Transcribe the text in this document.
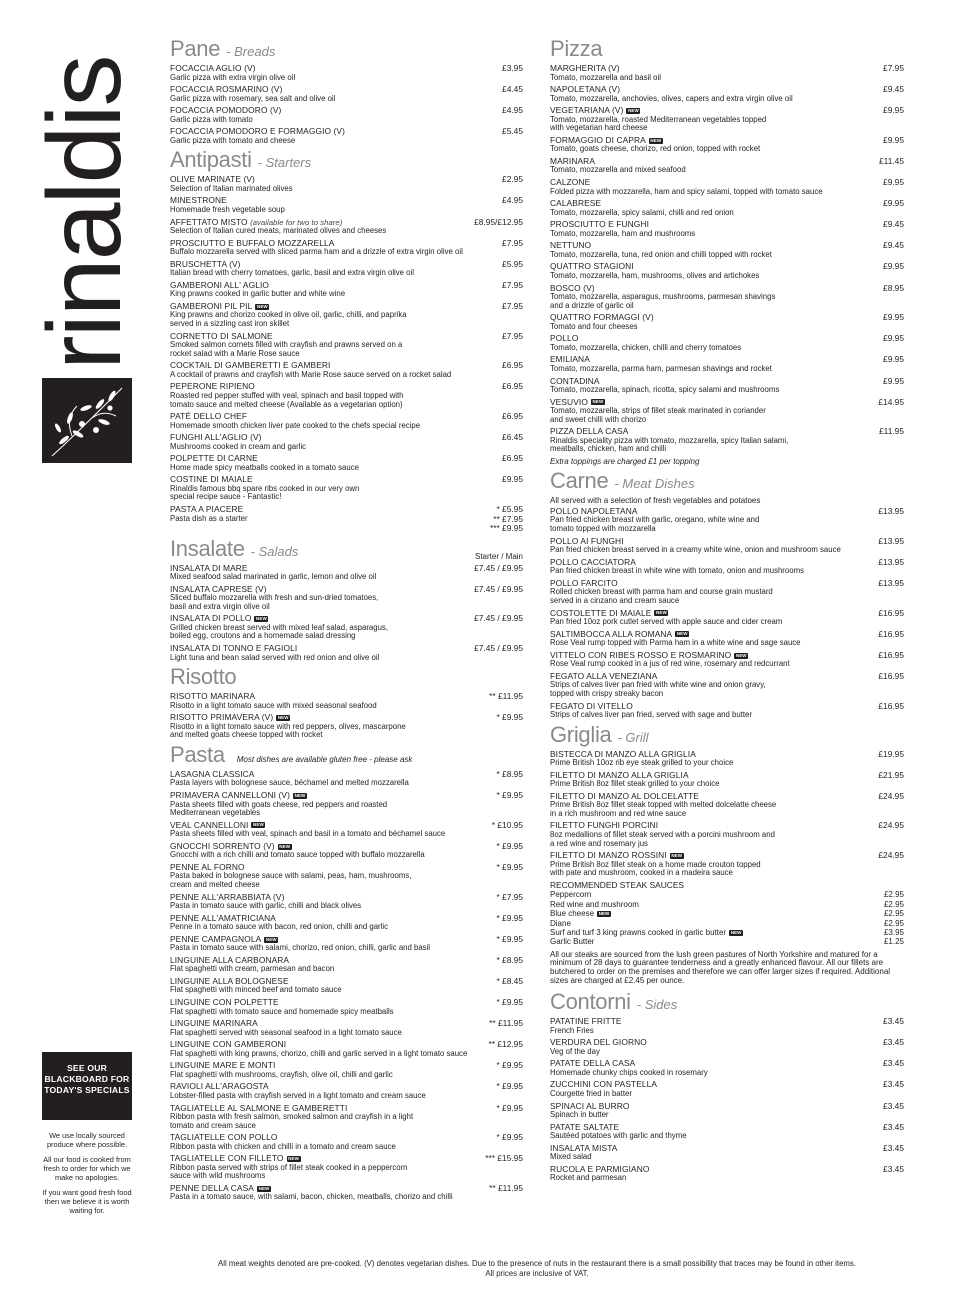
rinaldis
SEE OUR BLACKBOARD FOR TODAY'S SPECIALS

We use locally sourced produce where possible.

All our food is cooked from fresh to order for which we make no apologies.

If you want good fresh food then we believe it is worth waiting for.

Pane - Breads
FOCACCIA AGLIO (V)
Garlic pizza with extra virgin olive oil
£3.95
FOCACCIA ROSMARINO (V)
Garlic pizza with rosemary, sea salt and olive oil
£4.45
FOCACCIA POMODORO (V)
Garlic pizza with tomato
£4.95
FOCACCIA POMODORO E FORMAGGIO (V)
Garlic pizza with tomato and cheese
£5.45
Antipasti - Starters
OLIVE MARINATE (V)
Selection of Italian marinated olives
£2.95
MINESTRONE
Homemade fresh vegetable soup
£4.95
AFFETTATO MISTO (available for two to share)
Selection of Italian cured meats, marinated olives and cheeses
£8.95/£12.95
PROSCIUTTO E BUFFALO MOZZARELLA
Buffalo mozzarella served with sliced parma ham and a drizzle of extra virgin olive oil
£7.95
BRUSCHETTA (V)
Italian bread with cherry tomatoes, garlic, basil and extra virgin olive oil
£5.95
GAMBERONI ALL' AGLIO
King prawns cooked in garlic butter and white wine
£7.95
GAMBERONI PIL PIL NEW
King prawns and chorizo cooked in olive oil, garlic, chilli, and paprika
served in a sizzling cast iron skillet
£7.95
CORNETTO DI SALMONE
Smoked salmon cornets filled with crayfish and prawns served on a
rocket salad with a Marie Rose sauce
£7.95
COCKTAIL DI GAMBERETTI E GAMBERI
A cocktail of prawns and crayfish with Marie Rose sauce served on a rocket salad
£6.95
PEPERONE RIPIENO
Roasted red pepper stuffed with veal, spinach and basil topped with
tomato sauce and melted cheese (Available as a vegetarian option)
£6.95
PATÉ DELLO CHEF
Homemade smooth chicken liver pate cooked to the chefs special recipe
£6.95
FUNGHI ALL'AGLIO (V)
Mushrooms cooked in cream and garlic
£6.45
POLPETTE DI CARNE
Home made spicy meatballs cooked in a tomato sauce
£6.95
COSTINE DI MAIALE
Rinaldis famous bbq spare ribs cooked in our very own
special recipe sauce - Fantastic!
£9.95
PASTA A PIACERE
Pasta dish as a starter
* £5.95
** £7.95
*** £9.95
Insalate - Salads	Starter / Main
INSALATA DI MARE
Mixed seafood salad marinated in garlic, lemon and olive oil
£7.45 / £9.95
INSALATA CAPRESE (V)
Sliced buffalo mozzarella with fresh and sun-dried tomatoes,
basil and extra virgin olive oil
£7.45 / £9.95
INSALATA DI POLLO NEW
Grilled chicken breast served with mixed leaf salad, asparagus,
boiled egg, croutons and a homemade salad dressing
£7.45 / £9.95
INSALATA DI TONNO E FAGIOLI
Light tuna and bean salad served with red onion and olive oil
£7.45 / £9.95
Risotto
RISOTTO MARINARA
Risotto in a light tomato sauce with mixed seasonal seafood
** £11.95
RISOTTO PRIMAVERA (V) NEW
Risotto in a light tomato sauce with red peppers, olives, mascarpone
and melted goats cheese topped with rocket
* £9.95
Pasta Most dishes are available gluten free - please ask
LASAGNA CLASSICA
Pasta layers with bolognese sauce, béchamel and melted mozzarella
* £8.95
PRIMAVERA CANNELLONI (V) NEW
Pasta sheets filled with goats cheese, red peppers and roasted
Mediterranean vegetables
* £9.95
VEAL CANNELLONI NEW
Pasta sheets filled with veal, spinach and basil in a tomato and béchamel sauce
* £10.95
GNOCCHI SORRENTO (V) NEW
Gnocchi with a rich chilli and tomato sauce topped with buffalo mozzarella
* £9.95
PENNE AL FORNO
Pasta baked in bolognese sauce with salami, peas, ham, mushrooms,
cream and melted cheese
* £9.95
PENNE ALL'ARRABBIATA (V)
Pasta in tomato sauce with garlic, chilli and black olives
* £7.95
PENNE ALL'AMATRICIANA
Penne in a tomato sauce with bacon, red onion, chilli and garlic
* £9.95
PENNE CAMPAGNOLA NEW
Pasta in tomato sauce with salami, chorizo, red onion, chilli, garlic and basil
* £9.95
LINGUINE ALLA CARBONARA
Flat spaghetti with cream, parmesan and bacon
* £8.95
LINGUINE ALLA BOLOGNESE
Flat spaghetti with minced beef and tomato sauce
* £8.45
LINGUINE CON POLPETTE
Flat spaghetti with tomato sauce and homemade spicy meatballs
* £9.95
LINGUINE MARINARA
Flat spaghetti served with seasonal seafood in a light tomato sauce
** £11.95
LINGUINE CON GAMBERONI
Flat spaghetti with king prawns, chorizo, chilli and garlic served in a light tomato sauce
** £12.95
LINGUINE MARE E MONTI
Flat spaghetti with mushrooms, crayfish, olive oil, chilli and garlic
* £9.95
RAVIOLI ALL'ARAGOSTA
Lobster-filled pasta with crayfish served in a light tomato and cream sauce
* £9.95
TAGLIATELLE AL SALMONE E GAMBERETTI
Ribbon pasta with fresh salmon, smoked salmon and crayfish in a light
tomato and cream sauce
* £9.95
TAGLIATELLE CON POLLO
Ribbon pasta with chicken and chilli in a tomato and cream sauce
* £9.95
TAGLIATELLE CON FILLETO NEW
Ribbon pasta served with strips of fillet steak cooked in a peppercorn
sauce with wild mushrooms
*** £15.95
PENNE DELLA CASA NEW
Pasta in a tomato sauce, with salami, bacon, chicken, meatballs, chorizo and chilli
** £11.95
Pizza
MARGHERITA (V)
Tomato, mozzarella and basil oil
£7.95
NAPOLETANA (V)
Tomato, mozzarella, anchovies, olives, capers and extra virgin olive oil
£9.45
VEGETARIANA (V) NEW
Tomato, mozzarella, roasted Mediterranean vegetables topped
with vegetarian hard cheese
£9.95
FORMAGGIO DI CAPRA NEW
Tomato, goats cheese, chorizo, red onion, topped with rocket
£9.95
MARINARA
Tomato, mozzarella and mixed seafood
£11.45
CALZONE
Folded pizza with mozzarella, ham and spicy salami, topped with tomato sauce
£9.95
CALABRESE
Tomato, mozzarella, spicy salami, chilli and red onion
£9.95
PROSCIUTTO E FUNGHI
Tomato, mozzarella, ham and mushrooms
£9.45
NETTUNO
Tomato, mozzarella, tuna, red onion and chilli topped with rocket
£9.45
QUATTRO STAGIONI
Tomato, mozzarella, ham, mushrooms, olives and artichokes
£9.95
BOSCO (V)
Tomato, mozzarella, asparagus, mushrooms, parmesan shavings
and a drizzle of garlic oil
£8.95
QUATTRO FORMAGGI (V)
Tomato and four cheeses
£9.95
POLLO
Tomato, mozzarella, chicken, chilli and cherry tomatoes
£9.95
EMILIANA
Tomato, mozzarella, parma ham, parmesan shavings and rocket
£9.95
CONTADINA
Tomato, mozzarella, spinach, ricotta, spicy salami and mushrooms
£9.95
VESUVIO NEW
Tomato, mozzarella, strips of fillet steak marinated in coriander
and sweet chilli with chorizo
£14.95
PIZZA DELLA CASA
Rinaldis speciality pizza with tomato, mozzarella, spicy Italian salami,
meatballs, chicken, ham and chilli
£11.95
Extra toppings are charged £1 per topping
Carne - Meat Dishes
All served with a selection of fresh vegetables and potatoes
POLLO NAPOLETANA
Pan fried chicken breast with garlic, oregano, white wine and
tomato topped with mozzarella
£13.95
POLLO AI FUNGHI
Pan fried chicken breast served in a creamy white wine, onion and mushroom sauce
£13.95
POLLO CACCIATORA
Pan fried chicken breast in white wine with tomato, onion and mushrooms
£13.95
POLLO FARCITO
Rolled chicken breast with parma ham and course grain mustard
served in a cinzano and cream sauce
£13.95
COSTOLETTE DI MAIALE NEW
Pan fried 10oz pork cutlet served with apple sauce and cider cream
£16.95
SALTIMBOCCA ALLA ROMANA NEW
Rose Veal rump topped with Parma ham in a white wine and sage sauce
£16.95
VITTELO CON RIBES ROSSO E ROSMARINO NEW
Rose Veal rump cooked in a jus of red wine, rosemary and redcurrant
£16.95
FEGATO ALLA VENEZIANA
Strips of calves liver pan fried with white wine and onion gravy,
topped with crispy streaky bacon
£16.95
FEGATO DI VITELLO
Strips of calves liver pan fried, served with sage and butter
£16.95
Griglia - Grill
BISTECCA DI MANZO ALLA GRIGLIA
Prime British 10oz rib eye steak grilled to your choice
£19.95
FILETTO DI MANZO ALLA GRIGLIA
Prime British 8oz fillet steak grilled to your choice
£21.95
FILETTO DI MANZO AL DOLCELATTE
Prime British 8oz fillet steak topped with melted dolcelatte cheese
in a rich mushroom and red wine sauce
£24.95
FILETTO FUNGHI PORCINI
8oz medallions of fillet steak served with a porcini mushroom and
a red wine and rosemary jus
£24.95
FILETTO DI MANZO ROSSINI NEW
Prime British 8oz fillet steak on a home made crouton topped
with pate and mushroom, cooked in a madeira sauce
£24.95
RECOMMENDED STEAK SAUCES
Peppercorn	£2.95
Red wine and mushroom	£2.95
Blue cheese NEW	£2.95
Diane	£2.95
Surf and turf 3 king prawns cooked in garlic butter NEW	£3.95
Garlic Butter	£1.25
All our steaks are sourced from the lush green pastures of North Yorkshire and matured for a minimum of 28 days to guarantee tenderness and a greatly enhanced flavour. All our fillets are butchered to order on the premises and therefore we can offer larger sizes if required. Additional sizes are charged at £2.45 per ounce.
Contorni - Sides
PATATINE FRITTE
French Fries
£3.45
VERDURA DEL GIORNO
Veg of the day
£3.45
PATATE DELLA CASA
Homemade chunky chips cooked in rosemary
£3.45
ZUCCHINI CON PASTELLA
Courgette fried in batter
£3.45
SPINACI AL BURRO
Spinach in butter
£3.45
PATATE SALTATE
Sautéed potatoes with garlic and thyme
£3.45
INSALATA MISTA
Mixed salad
£3.45
RUCOLA E PARMIGIANO
Rocket and parmesan
£3.45
All meat weights denoted are pre-cooked. (V) denotes vegetarian dishes. Due to the presence of nuts in the restaurant there is a small possibility that traces may be found in other items.
All prices are inclusive of VAT.
